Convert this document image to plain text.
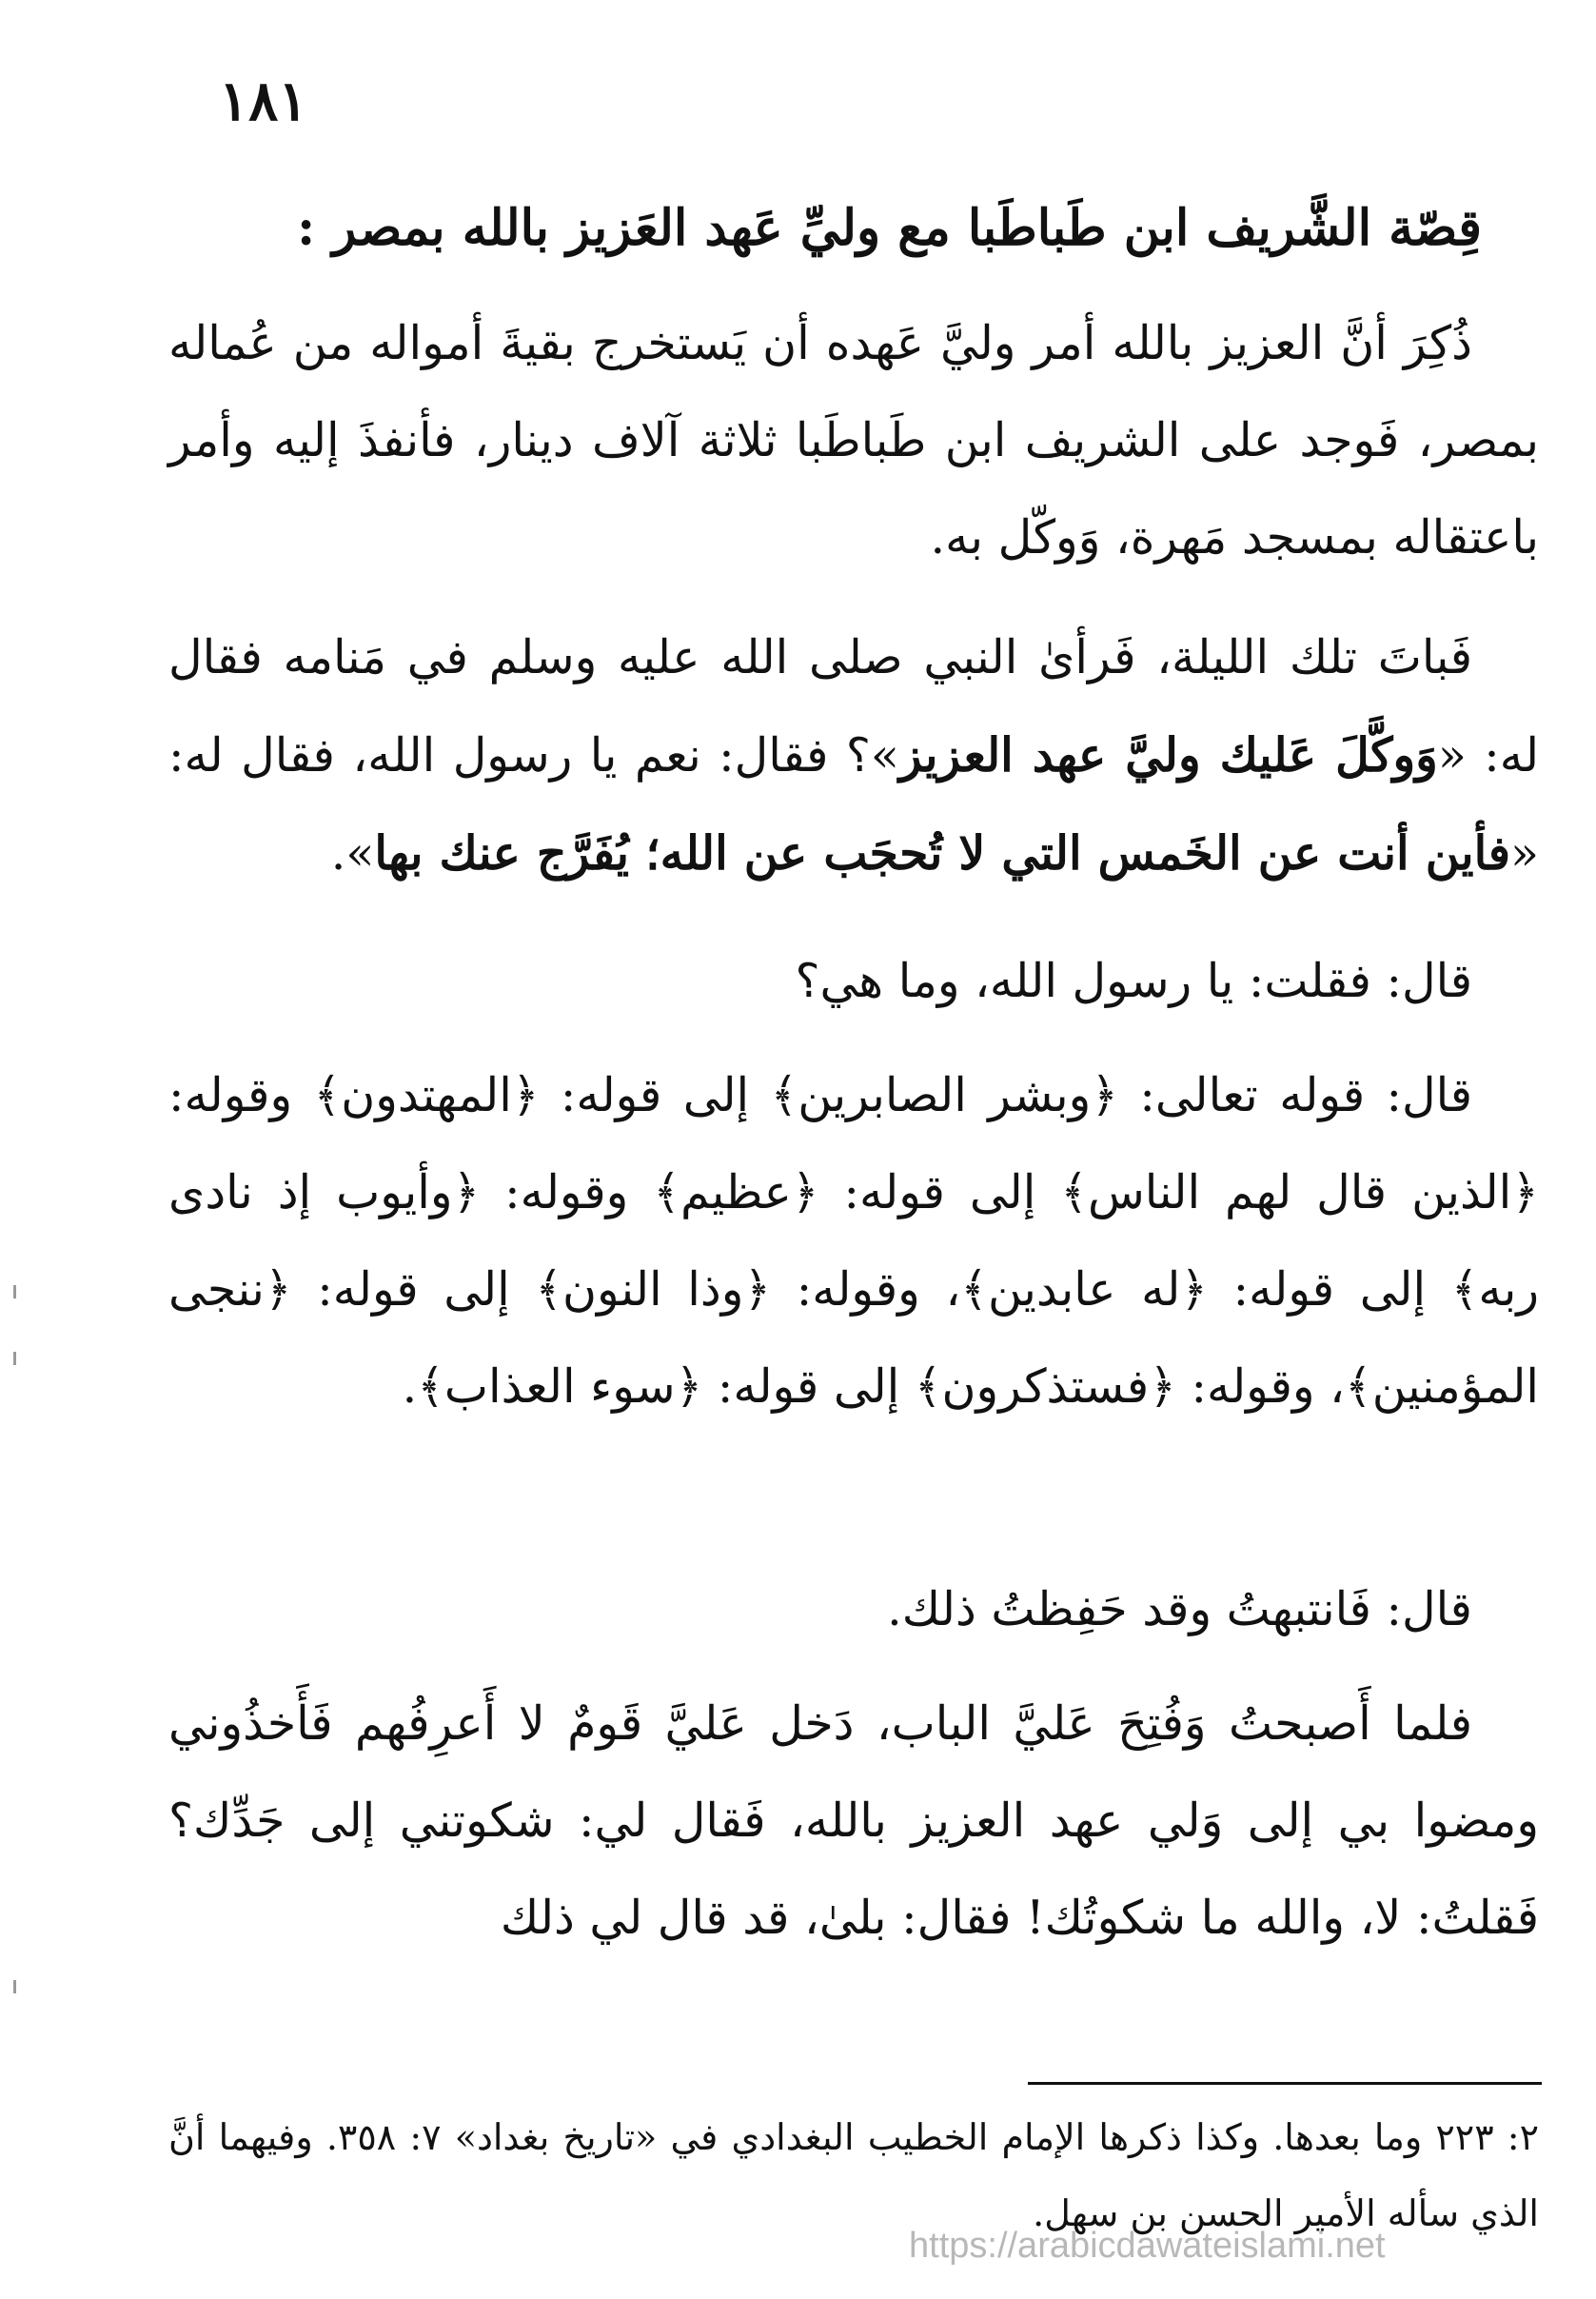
١٨١
قِصّة الشَّريف ابن طَباطَبا مع وليِّ عَهد العَزيز بالله بمصر :

ذُكِرَ أنَّ العزيز بالله أمر وليَّ عَهده أن يَستخرج بقيةَ أمواله من عُماله بمصر، فَوجد على الشريف ابن طَباطَبا ثلاثة آلاف دينار، فأنفذَ إليه وأمر باعتقاله بمسجد مَهرة، وَوكّل به.

فَباتَ تلك الليلة، فَرأىٰ النبي صلى الله عليه وسلم في مَنامه فقال له: «وَوكَّلَ عَليك وليَّ عهد العزيز»؟ فقال: نعم يا رسول الله، فقال له: «فأين أنت عن الخَمس التي لا تُحجَب عن الله؛ يُفَرَّج عنك بها».

قال: فقلت: يا رسول الله، وما هي؟

قال: قوله تعالى: ﴿وبشر الصابرين﴾ إلى قوله: ﴿المهتدون﴾ وقوله: ﴿الذين قال لهم الناس﴾ إلى قوله: ﴿عظيم﴾ وقوله: ﴿وأيوب إذ نادى ربه﴾ إلى قوله: ﴿له عابدين﴾، وقوله: ﴿وذا النون﴾ إلى قوله: ﴿ننجى المؤمنين﴾، وقوله: ﴿فستذكرون﴾ إلى قوله: ﴿سوء العذاب﴾.

قال: فَانتبهتُ وقد حَفِظتُ ذلك.

فلما أَصبحتُ وَفُتِحَ عَليَّ الباب، دَخل عَليَّ قَومٌ لا أَعرِفُهم فَأَخذُوني ومضوا بي إلى وَلي عهد العزيز بالله، فَقال لي: شكوتني إلى جَدِّك؟ فَقلتُ: لا، والله ما شكوتُك! فقال: بلىٰ، قد قال لي ذلك

٢: ٢٢٣ وما بعدها. وكذا ذكرها الإمام الخطيب البغدادي في «تاريخ بغداد» ٧: ٣٥٨. وفيهما أنَّ الذي سأله الأمير الحسن بن سهل.

https://arabicdawateislami.net
